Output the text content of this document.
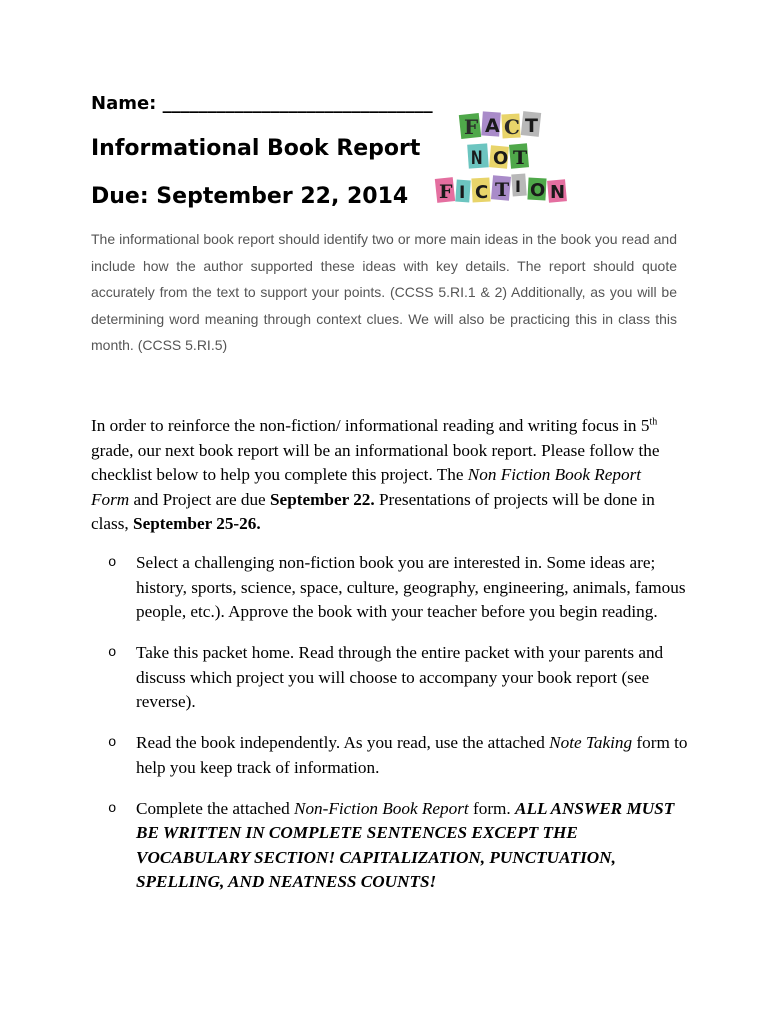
Name: ______________________________
Informational Book Report
Due: September 22, 2014
F A C T
N O T
F I C T I O N

The informational book report should identify two or more main ideas in the book you read and include how the author supported these ideas with key details. The report should quote accurately from the text to support your points. (CCSS 5.RI.1 & 2) Additionally, as you will be determining word meaning through context clues. We will also be practicing this in class this month. (CCSS 5.RI.5)

In order to reinforce the non-fiction/ informational reading and writing focus in 5th grade, our next book report will be an informational book report. Please follow the checklist below to help you complete this project. The Non Fiction Book Report Form and Project are due September 22. Presentations of projects will be done in class, September 25-26.

o Select a challenging non-fiction book you are interested in. Some ideas are; history, sports, science, space, culture, geography, engineering, animals, famous people, etc.). Approve the book with your teacher before you begin reading.
o Take this packet home. Read through the entire packet with your parents and discuss which project you will choose to accompany your book report (see reverse).
o Read the book independently. As you read, use the attached Note Taking form to help you keep track of information.
o Complete the attached Non-Fiction Book Report form. ALL ANSWER MUST BE WRITTEN IN COMPLETE SENTENCES EXCEPT THE VOCABULARY SECTION! CAPITALIZATION, PUNCTUATION, SPELLING, AND NEATNESS COUNTS!
